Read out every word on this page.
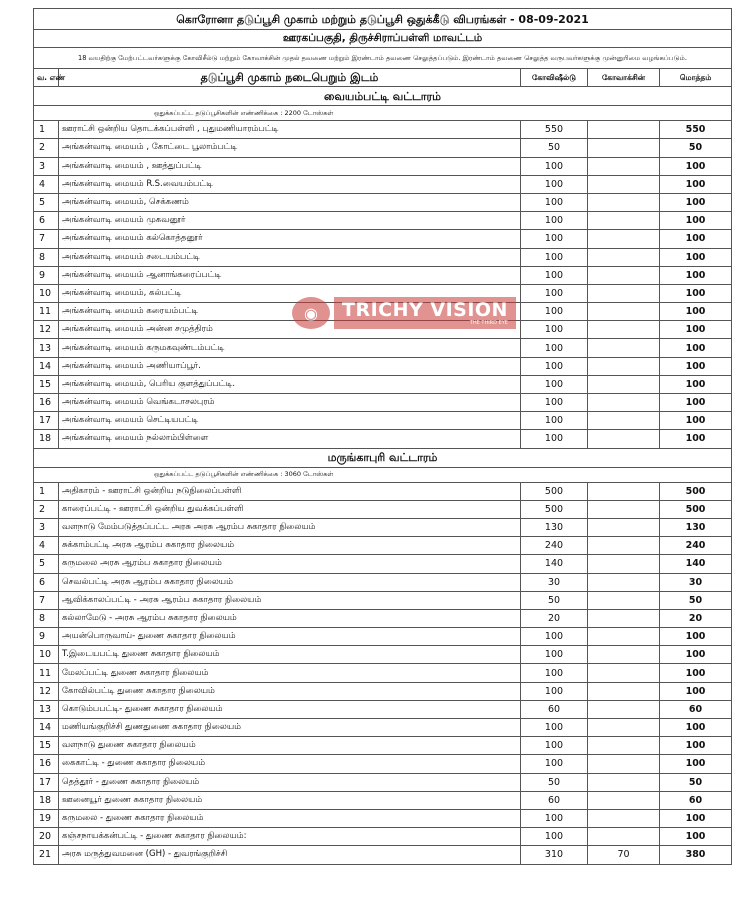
கொரோனா தடுப்பூசி முகாம் மற்றும் தடுப்பூசி ஒதுக்கீடு விபரங்கள் - 08-09-2021				
ஊரகப்பகுதி, திருச்சிராப்பள்ளி மாவட்டம்				
18 வயதிற்கு மேற்பட்டவர்களுக்கு கோவிசீல்டு மற்றும் கோவாக்சின் முதல் தவணை மற்றும் இரண்டாம் தவணை செலுத்தப்படும். இரண்டாம் தவணை செலுத்த வருபவர்களுக்கு முன்னுரிமை வழங்கப்படும்.				
வ. எண்	தடுப்பூசி முகாம் நடைபெறும் இடம்	கோவிஷீல்டு	கோவாக்சின்	மொத்தம்
வையம்பட்டி வட்டாரம்				
ஒதுக்கப்பட்ட தடுப்பூசிகளின் எண்ணிக்கை : 2200 டோஸ்கள்				
1	ஊராட்சி ஒன்றிய தொடக்கப்பள்ளி , புதுமணியாரம்பட்டி	550		550
2	அங்கன்வாடி மையம் , கோட்டை பூலாம்பட்டி	50		50
3	அங்கன்வாடி மையம் , ஊத்துப்பட்டி	100		100
4	அங்கன்வாடி மையம் R.S.வையம்பட்டி	100		100
5	அங்கன்வாடி மையம், செக்கணம்	100		100
6	அங்கன்வாடி மையம் முகவனூர்	100		100
7	அங்கன்வாடி மையம் கல்கொத்தனூர்	100		100
8	அங்கன்வாடி மையம் சடையம்பட்டி	100		100
9	அங்கன்வாடி மையம் ஆனாங்கரைப்பட்டி	100		100
10	அங்கன்வாடி மையம், கல்பட்டி	100		100
11	அங்கன்வாடி மையம் கரையம்பட்டி	100		100
12	அங்கன்வாடி மையம் அன்ன சமுத்திரம்	100		100
13	அங்கன்வாடி மையம் கருமகவுண்டம்பட்டி	100		100
14	அங்கன்வாடி மையம் அணியாப்பூர்.	100		100
15	அங்கன்வாடி மையம், பெரிய குளத்துப்பட்டி.	100		100
16	அங்கன்வாடி மையம் வெங்கடாசலபுரம்	100		100
17	அங்கன்வாடி மையம் செட்டியபட்டி	100		100
18	அங்கன்வாடி மையம் நல்லாம்பிள்ளை	100		100
மருங்காபுரி வட்டாரம்				
ஒதுக்கப்பட்ட தடுப்பூசிகளின் எண்ணிக்கை : 3060 டோஸ்கள்				
1	அதிகாரம் - ஊராட்சி ஒன்றிய நடுநிலைப்பள்ளி	500		500
2	காரைப்பட்டி - ஊராட்சி ஒன்றிய துவக்கப்பள்ளி	500		500
3	வளநாடு மேம்படுத்தப்பட்ட அரசு அரசு ஆரம்ப சுகாதார நிலையம்	130		130
4	சுக்காம்பட்டி அரசு ஆரம்ப சுகாதார நிலையம்	240		240
5	கருமலை அரசு ஆரம்ப சுகாதார நிலையம்	140		140
6	செவல்பட்டி அரசு ஆரம்ப சுகாதார நிலையம்	30		30
7	ஆவிக்காலப்பட்டி - அரசு ஆரம்ப சுகாதார நிலையம்	50		50
8	கல்லாமேடு - அரசு ஆரம்ப சுகாதார நிலையம்	20		20
9	அயன்பொருவாய்- துணை சுகாதார நிலையம்	100		100
10	T.இடையபட்டி துணை சுகாதார நிலையம்	100		100
11	மேலப்பட்டி துணை சுகாதார நிலையம்	100		100
12	கோவில்பட்டி துணை சுகாதார நிலையம்	100		100
13	கொடும்பபட்டி- துணை சுகாதார நிலையம்	60		60
14	மணியங்குறிச்சி துணதுணை சுகாதார நிலையம்	100		100
15	வளநாடு துணை சுகாதார நிலையம்	100		100
16	கைகாட்டி - துணை சுகாதார நிலையம்	100		100
17	தெத்தூர் - துணை சுகாதார நிலையம்	50		50
18	ஊனையூர் துணை சுகாதார நிலையம்	60		60
19	கருமலை - துணை சுகாதார நிலையம்	100		100
20	கஞ்சநாயக்கன்பட்டி - துணை சுகாதார நிலையம்:	100		100
21	அரசு மருத்துவமனை (GH) - துவரங்குறிச்சி	310	70	380
◉	TRICHY VISION
THE THIRD EYE
